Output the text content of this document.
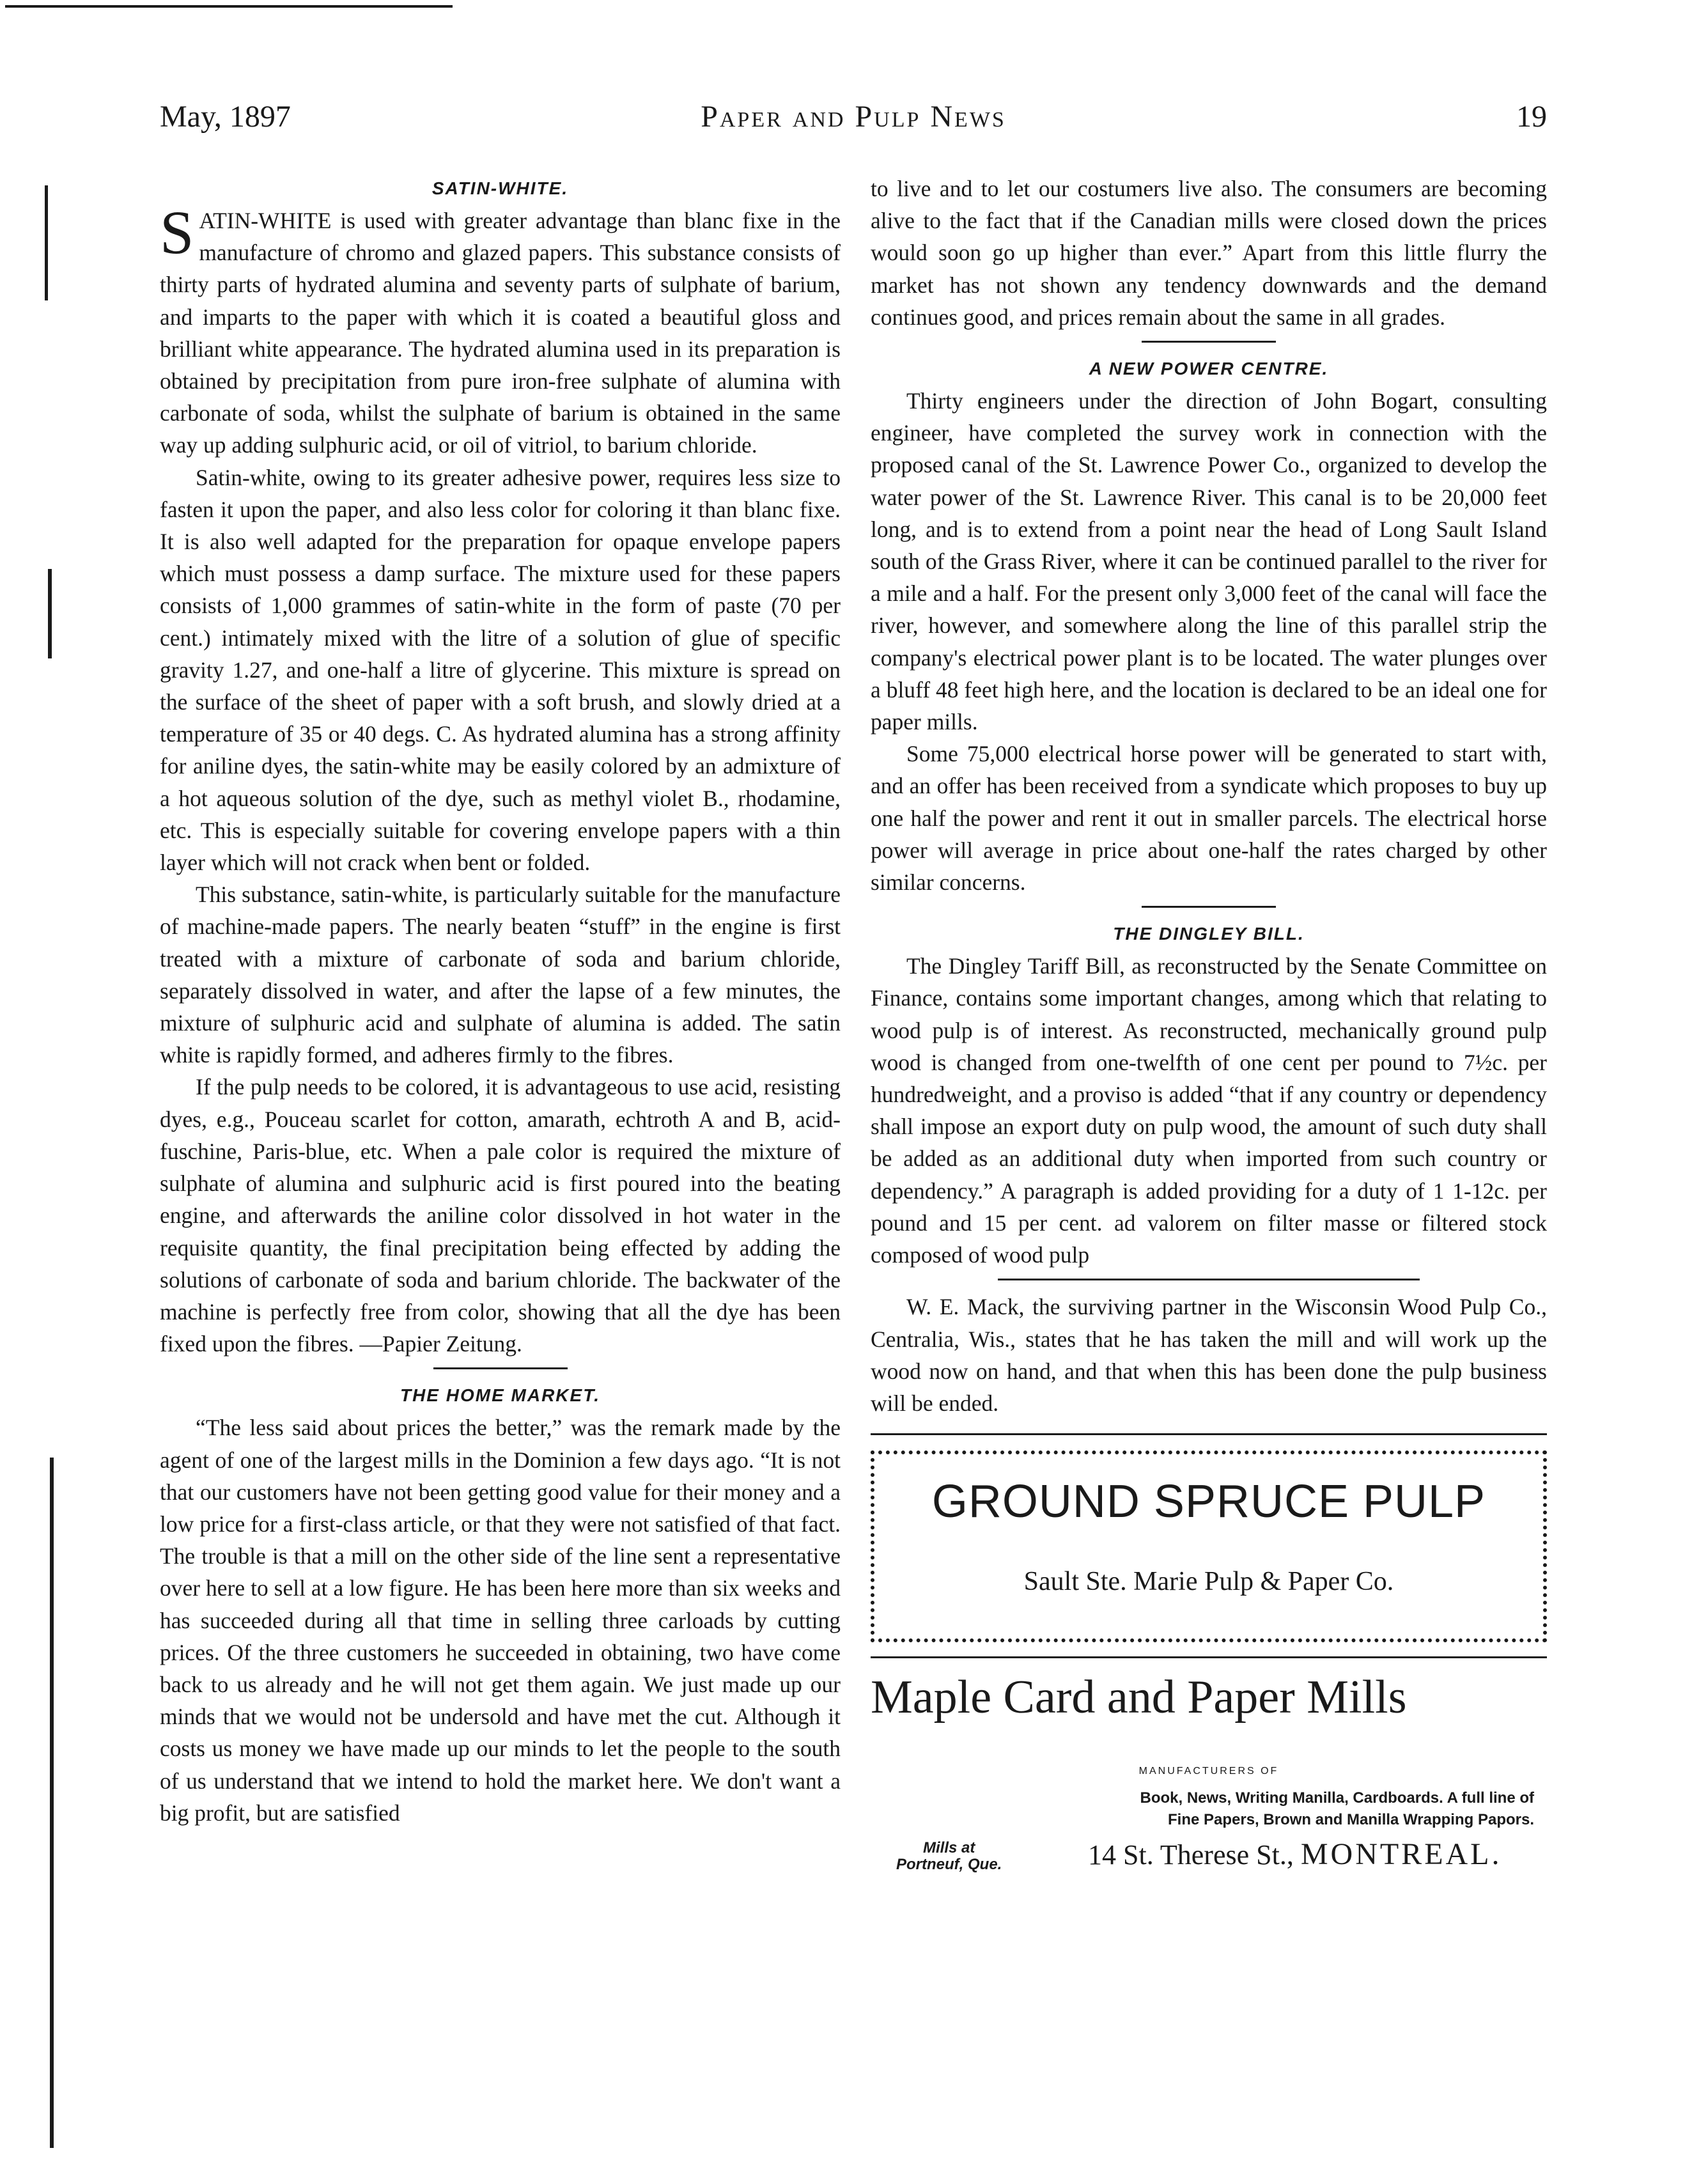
May, 1897	Paper and Pulp News	19
SATIN-WHITE.

SATIN-WHITE is used with greater advantage than blanc fixe in the manufacture of chromo and glazed papers. This substance consists of thirty parts of hydrated alumina and seventy parts of sulphate of barium, and imparts to the paper with which it is coated a beautiful gloss and brilliant white appearance. The hydrated alumina used in its preparation is obtained by precipitation from pure iron-free sulphate of alumina with carbonate of soda, whilst the sulphate of barium is obtained in the same way up adding sulphuric acid, or oil of vitriol, to barium chloride.

Satin-white, owing to its greater adhesive power, requires less size to fasten it upon the paper, and also less color for coloring it than blanc fixe. It is also well adapted for the preparation for opaque envelope papers which must possess a damp surface. The mixture used for these papers consists of 1,000 grammes of satin-white in the form of paste (70 per cent.) intimately mixed with the litre of a solution of glue of specific gravity 1.27, and one-half a litre of glycerine. This mixture is spread on the surface of the sheet of paper with a soft brush, and slowly dried at a temperature of 35 or 40 degs. C. As hydrated alumina has a strong affinity for aniline dyes, the satin-white may be easily colored by an admixture of a hot aqueous solution of the dye, such as methyl violet B., rhodamine, etc. This is especially suitable for covering envelope papers with a thin layer which will not crack when bent or folded.

This substance, satin-white, is particularly suitable for the manufacture of machine-made papers. The nearly beaten “stuff” in the engine is first treated with a mixture of carbonate of soda and barium chloride, separately dissolved in water, and after the lapse of a few minutes, the mixture of sulphuric acid and sulphate of alumina is added. The satin white is rapidly formed, and adheres firmly to the fibres.

If the pulp needs to be colored, it is advantageous to use acid, resisting dyes, e.g., Pouceau scarlet for cotton, amarath, echtroth A and B, acid-fuschine, Paris-blue, etc. When a pale color is required the mixture of sulphate of alumina and sulphuric acid is first poured into the beating engine, and afterwards the aniline color dissolved in hot water in the requisite quantity, the final precipitation being effected by adding the solutions of carbonate of soda and barium chloride. The backwater of the machine is perfectly free from color, showing that all the dye has been fixed upon the fibres. —Papier Zeitung.

THE HOME MARKET.

“The less said about prices the better,” was the remark made by the agent of one of the largest mills in the Dominion a few days ago. “It is not that our customers have not been getting good value for their money and a low price for a first-class article, or that they were not satisfied of that fact. The trouble is that a mill on the other side of the line sent a representative over here to sell at a low figure. He has been here more than six weeks and has succeeded during all that time in selling three carloads by cutting prices. Of the three customers he succeeded in obtaining, two have come back to us already and he will not get them again. We just made up our minds that we would not be undersold and have met the cut. Although it costs us money we have made up our minds to let the people to the south of us understand that we intend to hold the market here. We don't want a big profit, but are satisfied

to live and to let our costumers live also. The consumers are becoming alive to the fact that if the Canadian mills were closed down the prices would soon go up higher than ever.” Apart from this little flurry the market has not shown any tendency downwards and the demand continues good, and prices remain about the same in all grades.

A NEW POWER CENTRE.

Thirty engineers under the direction of John Bogart, consulting engineer, have completed the survey work in connection with the proposed canal of the St. Lawrence Power Co., organized to develop the water power of the St. Lawrence River. This canal is to be 20,000 feet long, and is to extend from a point near the head of Long Sault Island south of the Grass River, where it can be continued parallel to the river for a mile and a half. For the present only 3,000 feet of the canal will face the river, however, and somewhere along the line of this parallel strip the company's electrical power plant is to be located. The water plunges over a bluff 48 feet high here, and the location is declared to be an ideal one for paper mills.

Some 75,000 electrical horse power will be generated to start with, and an offer has been received from a syndicate which proposes to buy up one half the power and rent it out in smaller parcels. The electrical horse power will average in price about one-half the rates charged by other similar concerns.

THE DINGLEY BILL.

The Dingley Tariff Bill, as reconstructed by the Senate Committee on Finance, contains some important changes, among which that relating to wood pulp is of interest. As reconstructed, mechanically ground pulp wood is changed from one-twelfth of one cent per pound to 7½c. per hundredweight, and a proviso is added “that if any country or dependency shall impose an export duty on pulp wood, the amount of such duty shall be added as an additional duty when imported from such country or dependency.” A paragraph is added providing for a duty of 1 1-12c. per pound and 15 per cent. ad valorem on filter masse or filtered stock composed of wood pulp

W. E. Mack, the surviving partner in the Wisconsin Wood Pulp Co., Centralia, Wis., states that he has taken the mill and will work up the wood now on hand, and that when this has been done the pulp business will be ended.

GROUND SPRUCE PULP
Sault Ste. Marie Pulp & Paper Co.
Maple Card and Paper Mills
MANUFACTURERS OF
Book, News, Writing Manilla, Cardboards. A full line of
Fine Papers, Brown and Manilla Wrapping Papors.
Mills at
Portneuf, Que.	14 St. Therese St., MONTREAL.
